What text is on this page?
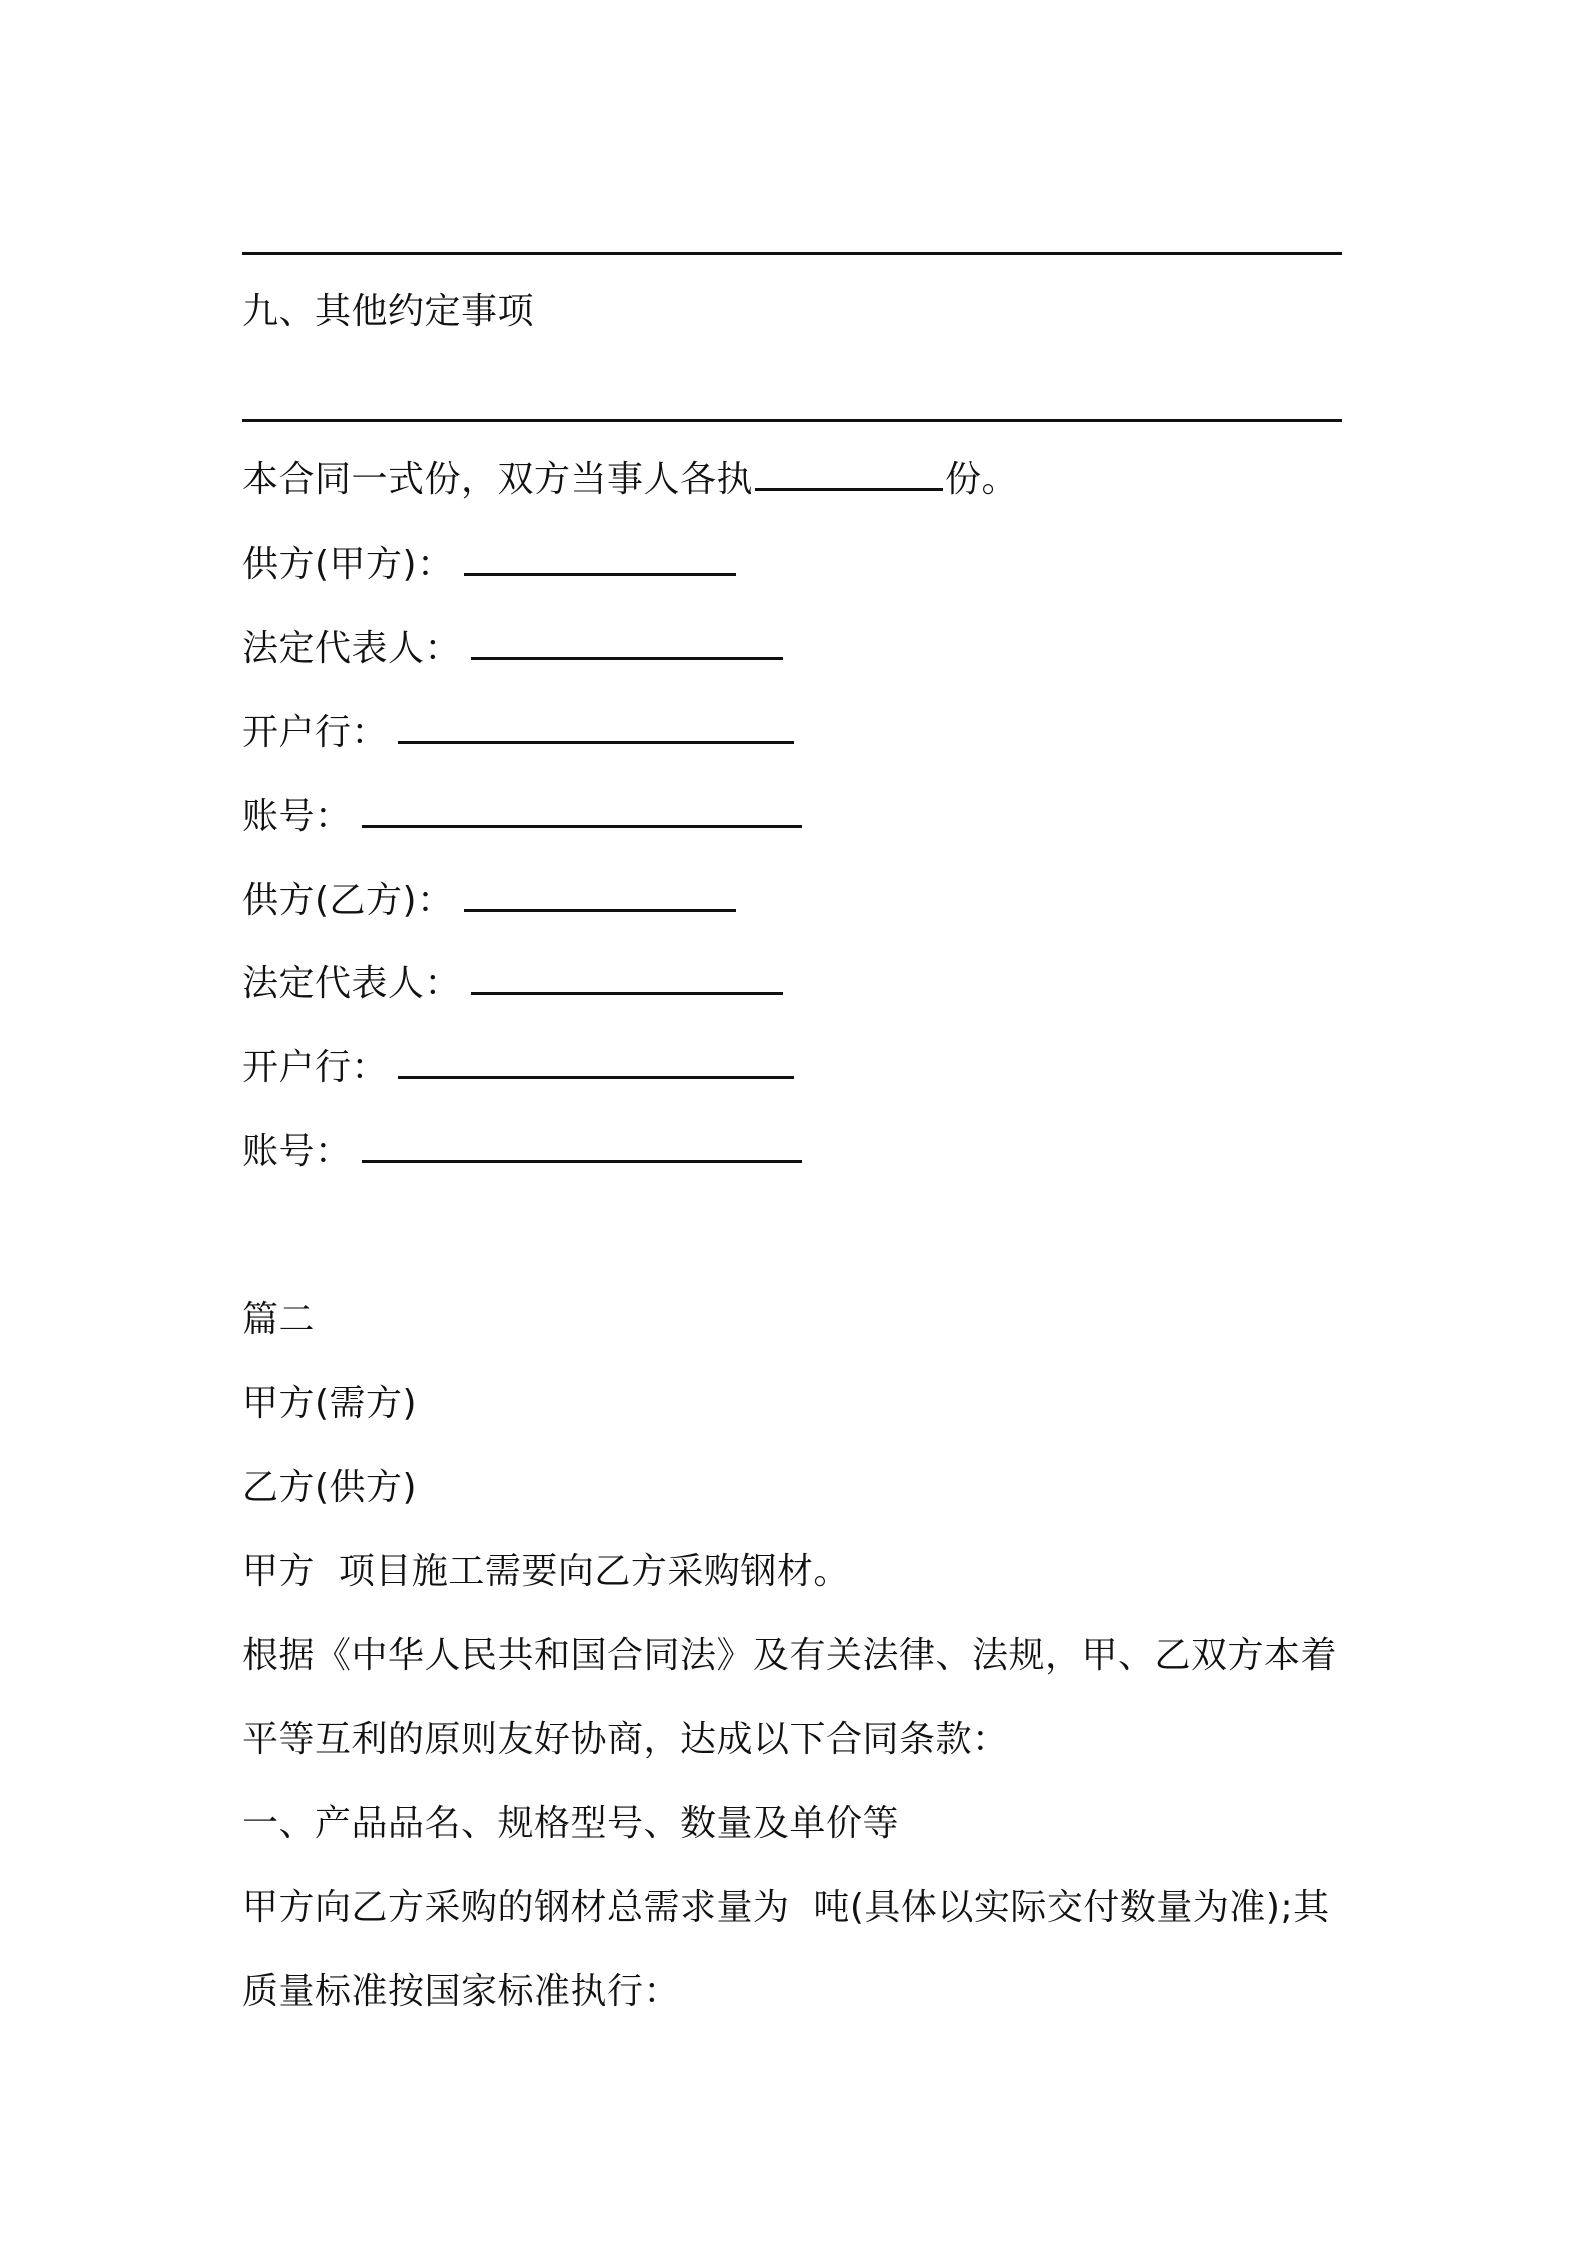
九、其他约定事项
本合同一式份，双方当事人各执	份。
供方(甲方)：
法定代表人：
开户行：
账号：
供方(乙方)：
法定代表人：
开户行：
账号：
篇二
甲方(需方)
乙方(供方)
甲方  项目施工需要向乙方采购钢材。
根据《中华人民共和国合同法》及有关法律、法规，甲、乙双方本着
平等互利的原则友好协商，达成以下合同条款：
一、产品品名、规格型号、数量及单价等
甲方向乙方采购的钢材总需求量为  吨(具体以实际交付数量为准);其
质量标准按国家标准执行：
